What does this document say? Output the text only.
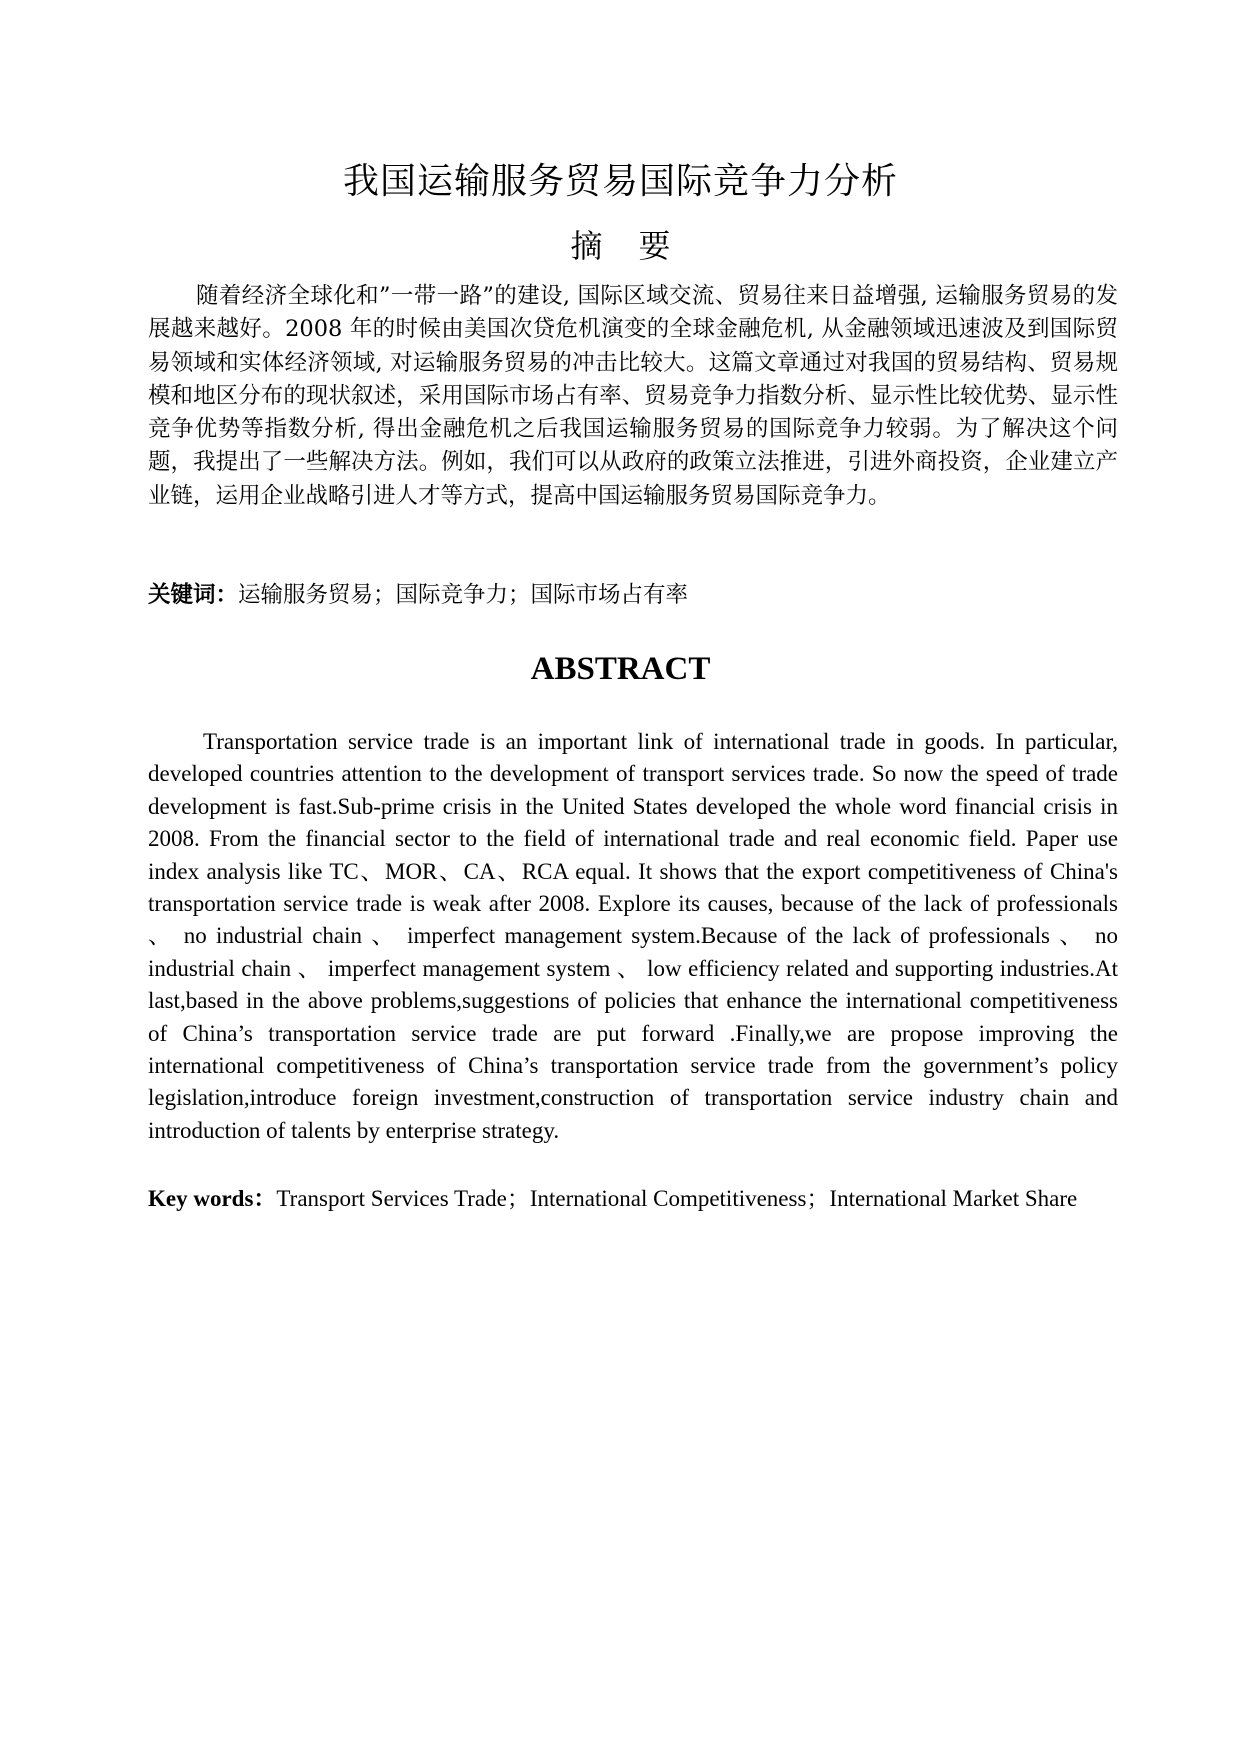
我国运输服务贸易国际竞争力分析
摘 要

随着经济全球化和”一带一路”的建设, 国际区域交流、贸易往来日益增强, 运输服务贸易的发展越来越好。2008 年的时候由美国次贷危机演变的全球金融危机, 从金融领域迅速波及到国际贸易领域和实体经济领域, 对运输服务贸易的冲击比较大。这篇文章通过对我国的贸易结构、贸易规模和地区分布的现状叙述，采用国际市场占有率、贸易竞争力指数分析、显示性比较优势、显示性竞争优势等指数分析, 得出金融危机之后我国运输服务贸易的国际竞争力较弱。为了解决这个问题，我提出了一些解决方法。例如，我们可以从政府的政策立法推进，引进外商投资，企业建立产业链，运用企业战略引进人才等方式，提高中国运输服务贸易国际竞争力。

关键词：运输服务贸易；国际竞争力；国际市场占有率

ABSTRACT

Transportation service trade is an important link of international trade in goods. In particular, developed countries attention to the development of transport services trade. So now the speed of trade development is fast.Sub-prime crisis in the United States developed the whole word financial crisis in 2008. From the financial sector to the field of international trade and real economic field. Paper use index analysis like TC、MOR、CA、RCA equal. It shows that the export competitiveness of China's transportation service trade is weak after 2008. Explore its causes, because of the lack of professionals 、 no industrial chain 、 imperfect management system.Because of the lack of professionals 、 no industrial chain 、 imperfect management system 、 low efficiency related and supporting industries.At last,based in the above problems,suggestions of policies that enhance the international competitiveness of China’s transportation service trade are put forward .Finally,we are propose improving the international competitiveness of China’s transportation service trade from the government’s policy legislation,introduce foreign investment,construction of transportation service industry chain and introduction of talents by enterprise strategy.

Key words：Transport Services Trade；International Competitiveness；International Market Share
